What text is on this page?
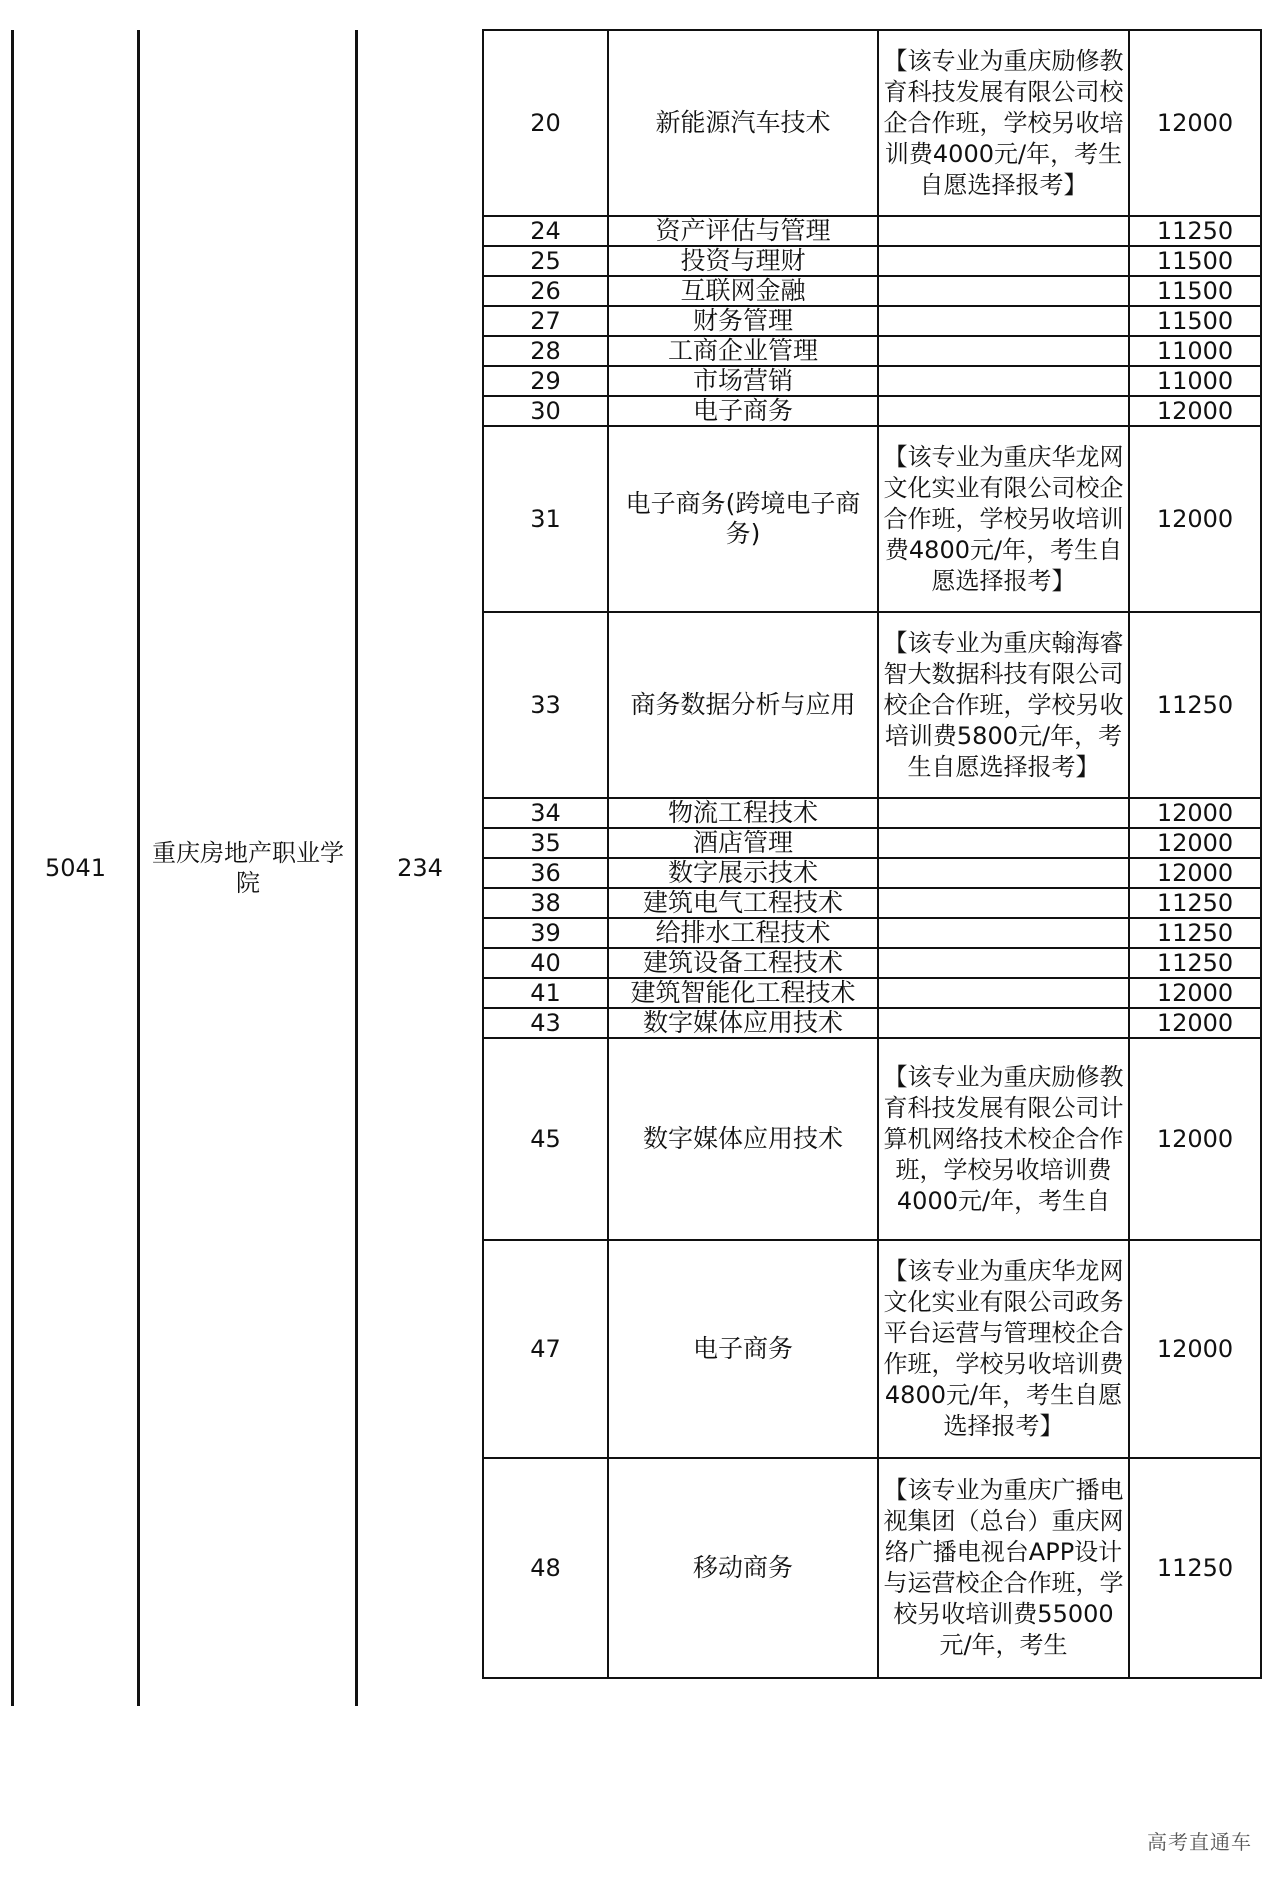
5041
重庆房地产职业学院
234
20	新能源汽车技术	【该专业为重庆励修教育科技发展有限公司校企合作班，学校另收培训费4000元/年，考生自愿选择报考】	12000
24	资产评估与管理		11250
25	投资与理财		11500
26	互联网金融		11500
27	财务管理		11500
28	工商企业管理		11000
29	市场营销		11000
30	电子商务		12000
31	电子商务(跨境电子商务)	【该专业为重庆华龙网文化实业有限公司校企合作班，学校另收培训费4800元/年，考生自愿选择报考】	12000
33	商务数据分析与应用	【该专业为重庆翰海睿智大数据科技有限公司校企合作班，学校另收培训费5800元/年，考生自愿选择报考】	11250
34	物流工程技术		12000
35	酒店管理		12000
36	数字展示技术		12000
38	建筑电气工程技术		11250
39	给排水工程技术		11250
40	建筑设备工程技术		11250
41	建筑智能化工程技术		12000
43	数字媒体应用技术		12000
45	数字媒体应用技术	【该专业为重庆励修教育科技发展有限公司计算机网络技术校企合作班，学校另收培训费4000元/年，考生自	12000
47	电子商务	【该专业为重庆华龙网文化实业有限公司政务平台运营与管理校企合作班，学校另收培训费4800元/年，考生自愿选择报考】	12000
48	移动商务	【该专业为重庆广播电视集团（总台）重庆网络广播电视台APP设计与运营校企合作班，学校另收培训费55000元/年，考生	11250
高考直通车
